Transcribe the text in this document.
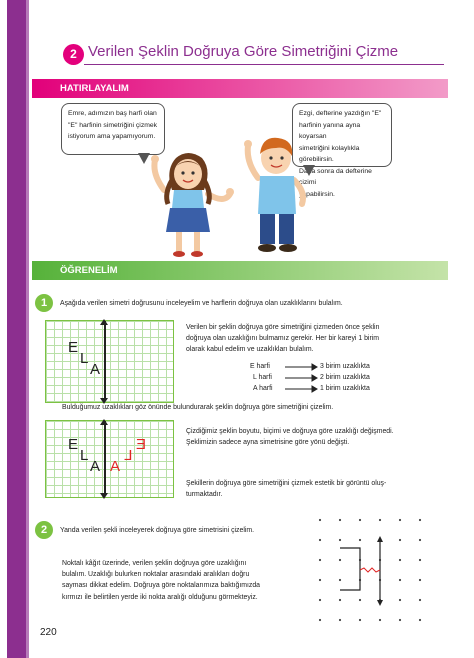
2 Verilen Şeklin Doğruya Göre Simetriğini Çizme
HATIRLAYALIM
Emre, adımızın baş harfi olan
"E" harfinin simetriğini çizmek
istiyorum ama yapamıyorum.
Ezgi, defterine yazdığın "E"
harfinin yanına ayna koyarsan
simetriğini kolaylıkla görebilirsin.
Daha sonra da defterine çizimi
yapabilirsin.
ÖĞRENELİM
1	Aşağıda verilen simetri doğrusunu inceleyelim ve harflerin doğruya olan uzaklıklarını bulalım.
E
L
A
Verilen bir şeklin doğruya göre simetriğini çizmeden önce şeklin
doğruya olan uzaklığını bulmamız gerekir. Her bir kareyi 1 birim
olarak kabul edelim ve uzaklıkları bulalım.
E harfi
L harfi
A harfi
3 birim uzaklıkta
2 birim uzaklıkta
1 birim uzaklıkta
Bulduğumuz uzaklıkları göz önünde bulundurarak şeklin doğruya göre simetriğini çizelim.
E
L
A A
L
E
Çizdiğimiz şeklin boyutu, biçimi ve doğruya göre uzaklığı değişmedi.
Şeklimizin sadece ayna simetrisine göre yönü değişti.
Şekillerin doğruya göre simetriğini çizmek estetik bir görüntü oluş-
turmaktadır.
2	Yanda verilen şekli inceleyerek doğruya göre simetrisini çizelim.
Noktalı kâğıt üzerinde, verilen şeklin doğruya göre uzaklığını
bulalım. Uzaklığı bulurken noktalar arasındaki aralıkları doğru
sayması dikkat edelim. Doğruya göre noktalarımıza baktığımızda
kırmızı ile belirtilen yerde iki nokta aralığı olduğunu görmekteyiz.
220
